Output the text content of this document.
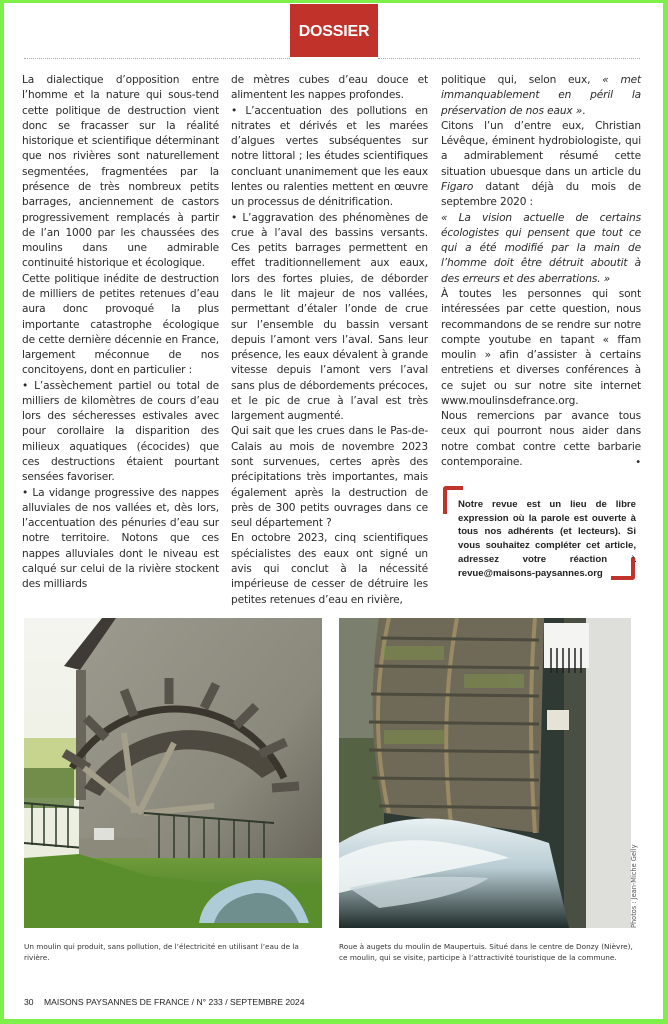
DOSSIER

La dialectique d’opposition entre l’homme et la nature qui sous-tend cette politique de destruction vient donc se fracasser sur la réalité historique et scientifique déterminant que nos rivières sont naturellement segmentées, fragmentées par la présence de très nombreux petits barrages, anciennement de castors progressivement remplacés à partir de l’an 1000 par les chaussées des moulins dans une admirable continuité historique et écologique.

Cette politique inédite de destruction de milliers de petites retenues d’eau aura donc provoqué la plus importante catastrophe écologique de cette dernière décennie en France, largement méconnue de nos concitoyens, dont en particulier :

• L’assèchement partiel ou total de milliers de kilomètres de cours d’eau lors des sécheresses estivales avec pour corollaire la disparition des milieux aquatiques (écocides) que ces destructions étaient pourtant sensées favoriser.

• La vidange progressive des nappes alluviales de nos vallées et, dès lors, l’accentuation des pénuries d’eau sur notre territoire. Notons que ces nappes alluviales dont le niveau est calqué sur celui de la rivière stockent des milliards

de mètres cubes d’eau douce et alimentent les nappes profondes.

• L’accentuation des pollutions en nitrates et dérivés et les marées d’algues vertes subséquentes sur notre littoral ; les études scientifiques concluant unanimement que les eaux lentes ou ralenties mettent en œuvre un processus de dénitrification.

• L’aggravation des phénomènes de crue à l’aval des bassins versants. Ces petits barrages permettent en effet traditionnellement aux eaux, lors des fortes pluies, de déborder dans le lit majeur de nos vallées, permettant d’étaler l’onde de crue sur l’ensemble du bassin versant depuis l’amont vers l’aval. Sans leur présence, les eaux dévalent à grande vitesse depuis l’amont vers l’aval sans plus de débordements précoces, et le pic de crue à l’aval est très largement augmenté.

Qui sait que les crues dans le Pas-de-Calais au mois de novembre 2023 sont survenues, certes après des précipitations très importantes, mais également après la destruction de près de 300 petits ouvrages dans ce seul département ?

En octobre 2023, cinq scientifiques spécialistes des eaux ont signé un avis qui conclut à la nécessité impérieuse de cesser de détruire les petites retenues d’eau en rivière,

politique qui, selon eux, « met immanquablement en péril la préservation de nos eaux ».

Citons l’un d’entre eux, Christian Lévêque, éminent hydrobiologiste, qui a admirablement résumé cette situation ubuesque dans un article du Figaro datant déjà du mois de septembre 2020 :

« La vision actuelle de certains écologistes qui pensent que tout ce qui a été modifié par la main de l’homme doit être détruit aboutit à des erreurs et des aberrations. »

À toutes les personnes qui sont intéressées par cette question, nous recommandons de se rendre sur notre compte youtube en tapant « ffam moulin » afin d’assister à certains entretiens et diverses conférences à ce sujet ou sur notre site internet www.moulinsdefrance.org.

Nous remercions par avance tous ceux qui pourront nous aider dans notre combat contre cette barbarie contemporaine.	•

Notre revue est un lieu de libre expression où la parole est ouverte à tous nos adhérents (et lecteurs). Si vous souhaitez compléter cet article, adressez votre réaction à revue@maisons-paysannes.org
Un moulin qui produit, sans pollution, de l’électricité en utilisant l’eau de la rivière.
Roue à augets du moulin de Maupertuis. Situé dans le centre de Donzy (Nièvre), ce moulin, qui se visite, participe à l’attractivité touristique de la commune.
Photos : Jean-Miche Gelly
30 MAISONS PAYSANNES DE FRANCE / N° 233 / SEPTEMBRE 2024
